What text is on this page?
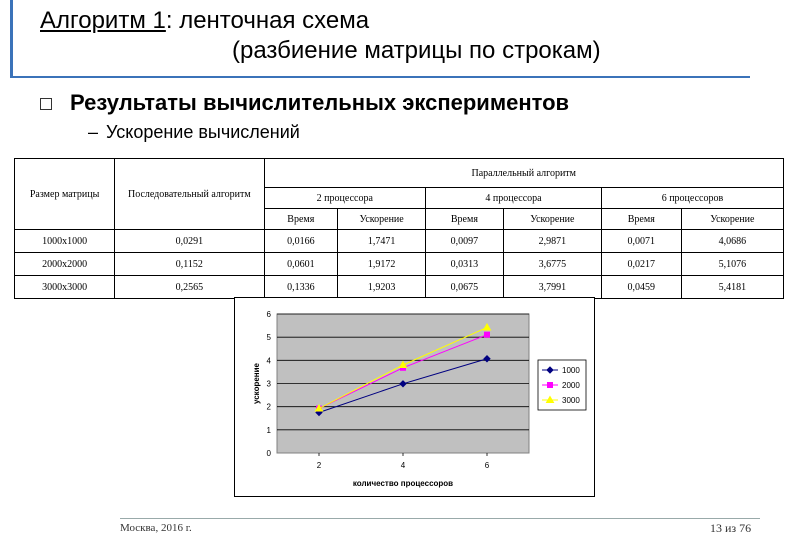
Алгоритм 1: ленточная схема
(разбиение матрицы по строкам)
Результаты вычислительных экспериментов
– Ускорение вычислений
Размер матрицы	Последовательный алгоритм	Параллельный алгоритм					
		2 процессора		4 процессора		6 процессоров	
		Время	Ускорение	Время	Ускорение	Время	Ускорение
1000x1000	0,0291	0,0166	1,7471	0,0097	2,9871	0,0071	4,0686
2000x2000	0,1152	0,0601	1,9172	0,0313	3,6775	0,0217	5,1076
3000x3000	0,2565	0,1336	1,9203	0,0675	3,7991	0,0459	5,4181
0
1
2
3
4
5
6
2	4	6
количество процессоров
ускорение	1000
2000
3000
Москва, 2016 г.	13 из 76
